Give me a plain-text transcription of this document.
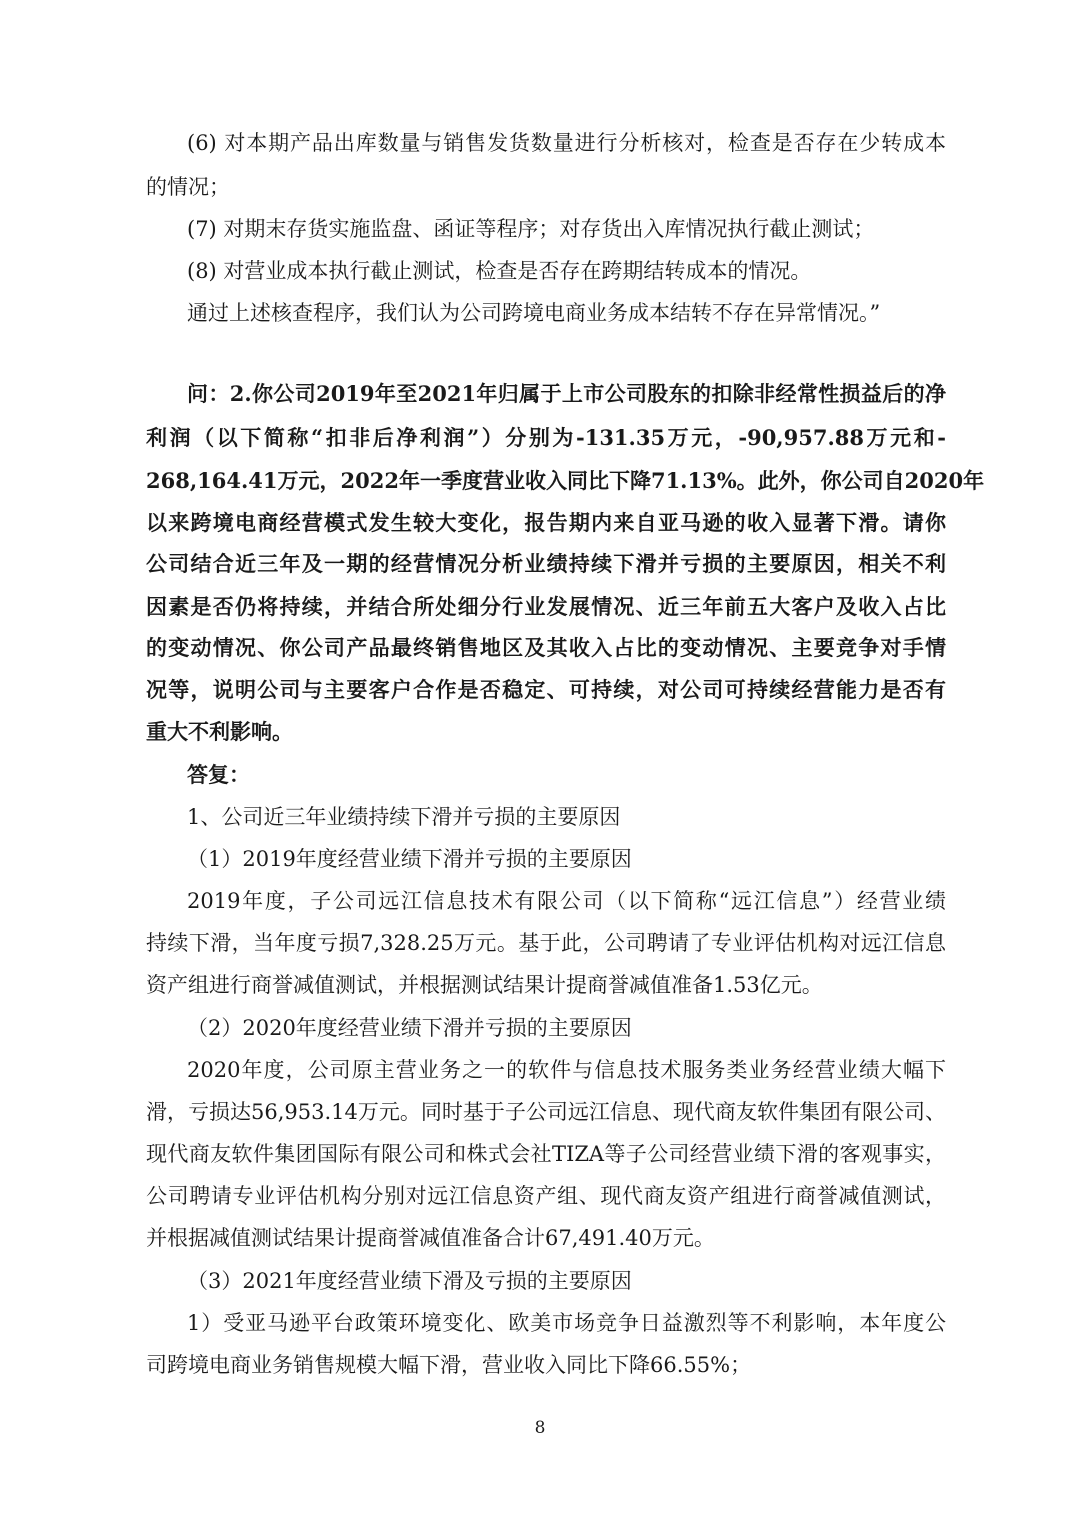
(6) 对本期产品出库数量与销售发货数量进行分析核对，检查是否存在少转成本
的情况；
(7) 对期末存货实施监盘、函证等程序；对存货出入库情况执行截止测试；
(8) 对营业成本执行截止测试，检查是否存在跨期结转成本的情况。
通过上述核查程序，我们认为公司跨境电商业务成本结转不存在异常情况。”
问：2.你公司2019年至2021年归属于上市公司股东的扣除非经常性损益后的净
利润（以下简称“扣非后净利润”）分别为-131.35万元，-90,957.88万元和-
268,164.41万元，2022年一季度营业收入同比下降71.13%。此外，你公司自2020年
以来跨境电商经营模式发生较大变化，报告期内来自亚马逊的收入显著下滑。请你
公司结合近三年及一期的经营情况分析业绩持续下滑并亏损的主要原因，相关不利
因素是否仍将持续，并结合所处细分行业发展情况、近三年前五大客户及收入占比
的变动情况、你公司产品最终销售地区及其收入占比的变动情况、主要竞争对手情
况等，说明公司与主要客户合作是否稳定、可持续，对公司可持续经营能力是否有
重大不利影响。
答复：
1、公司近三年业绩持续下滑并亏损的主要原因
（1）2019年度经营业绩下滑并亏损的主要原因
2019年度，子公司远江信息技术有限公司（以下简称“远江信息”）经营业绩
持续下滑，当年度亏损7,328.25万元。基于此，公司聘请了专业评估机构对远江信息
资产组进行商誉减值测试，并根据测试结果计提商誉减值准备1.53亿元。
（2）2020年度经营业绩下滑并亏损的主要原因
2020年度，公司原主营业务之一的软件与信息技术服务类业务经营业绩大幅下
滑，亏损达56,953.14万元。同时基于子公司远江信息、现代商友软件集团有限公司、
现代商友软件集团国际有限公司和株式会社TIZA等子公司经营业绩下滑的客观事实，
公司聘请专业评估机构分别对远江信息资产组、现代商友资产组进行商誉减值测试，
并根据减值测试结果计提商誉减值准备合计67,491.40万元。
（3）2021年度经营业绩下滑及亏损的主要原因
1）受亚马逊平台政策环境变化、欧美市场竞争日益激烈等不利影响，本年度公
司跨境电商业务销售规模大幅下滑，营业收入同比下降66.55%；
8
